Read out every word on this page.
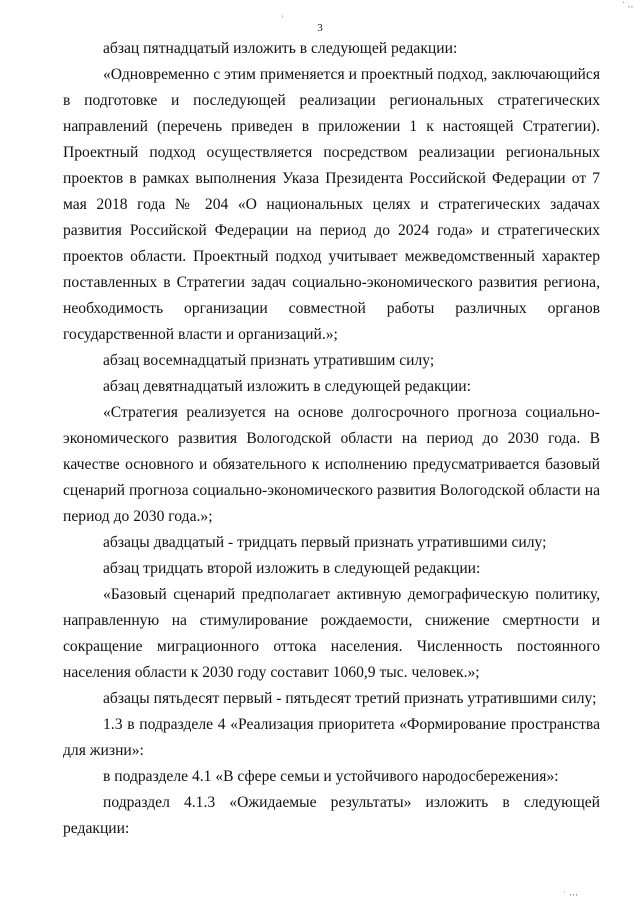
' ,,
'
3

абзац пятнадцатый изложить в следующей редакции:

«Одновременно с этим применяется и проектный подход, заключающийся в подготовке и последующей реализации региональных стратегических направлений (перечень приведен в приложении 1 к настоящей Стратегии). Проектный подход осуществляется посредством реализации региональных проектов в рамках выполнения Указа Президента Российской Федерации от 7 мая 2018 года № 204 «О национальных целях и стратегических задачах развития Российской Федерации на период до 2024 года» и стратегических проектов области. Проектный подход учитывает межведомственный характер поставленных в Стратегии задач социально-экономического развития региона, необходимость организации совместной работы различных органов государственной власти и организаций.»;

абзац восемнадцатый признать утратившим силу;

абзац девятнадцатый изложить в следующей редакции:

«Стратегия реализуется на основе долгосрочного прогноза социально-экономического развития Вологодской области на период до 2030 года. В качестве основного и обязательного к исполнению предусматривается базовый сценарий прогноза социально-экономического развития Вологодской области на период до 2030 года.»;

абзацы двадцатый - тридцать первый признать утратившими силу;

абзац тридцать второй изложить в следующей редакции:

«Базовый сценарий предполагает активную демографическую политику, направленную на стимулирование рождаемости, снижение смертности и сокращение миграционного оттока населения. Численность постоянного населения области к 2030 году составит 1060,9 тыс. человек.»;

абзацы пятьдесят первый - пятьдесят третий признать утратившими силу;

1.3 в подразделе 4 «Реализация приоритета «Формирование пространства для жизни»:

в подразделе 4.1 «В сфере семьи и устойчивого народосбережения»:

подраздел 4.1.3 «Ожидаемые результаты» изложить в следующей редакции:

· ,,,
